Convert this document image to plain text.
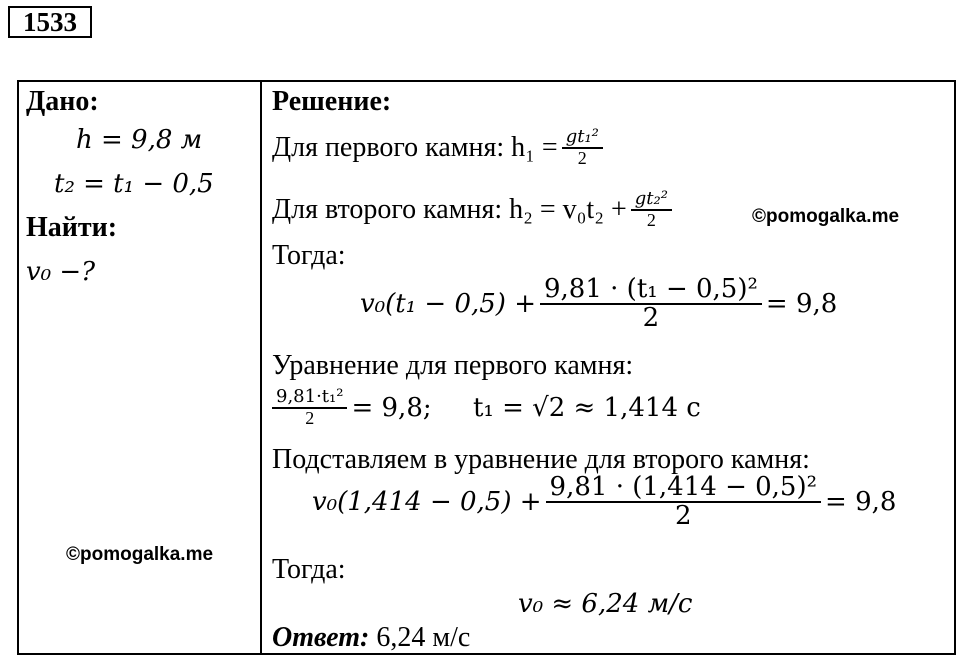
1533
Дано:
h = 9,8 м
t₂ = t₁ − 0,5
Найти:
v₀ −?
©pomogalka.me
Решение:
Для первого камня: $h_1 = \frac{\text{gt₁²}}{2}$
Для второго камня: $h_2 = v_0t_2 + \frac{\text{gt₂²}}{2}$	©pomogalka.me
Тогда:
$v_0(t_1 - 0,5) + \frac{\text{9,81 · (t₁ − 0,5)²}}{2} = 9,8$
Уравнение для первого камня:
$\frac{\text{9,81·t₁²}}{2} = 9,8$;     t₁ = √2 ≈ 1,414 с
Подставляем в уравнение для второго камня:
$v_0(1,414 - 0,5) + \frac{\text{9,81 · (1,414 − 0,5)²}}{2} = 9,8$
Тогда:
v₀ ≈ 6,24 м/с
Ответ: 6,24 м/с
